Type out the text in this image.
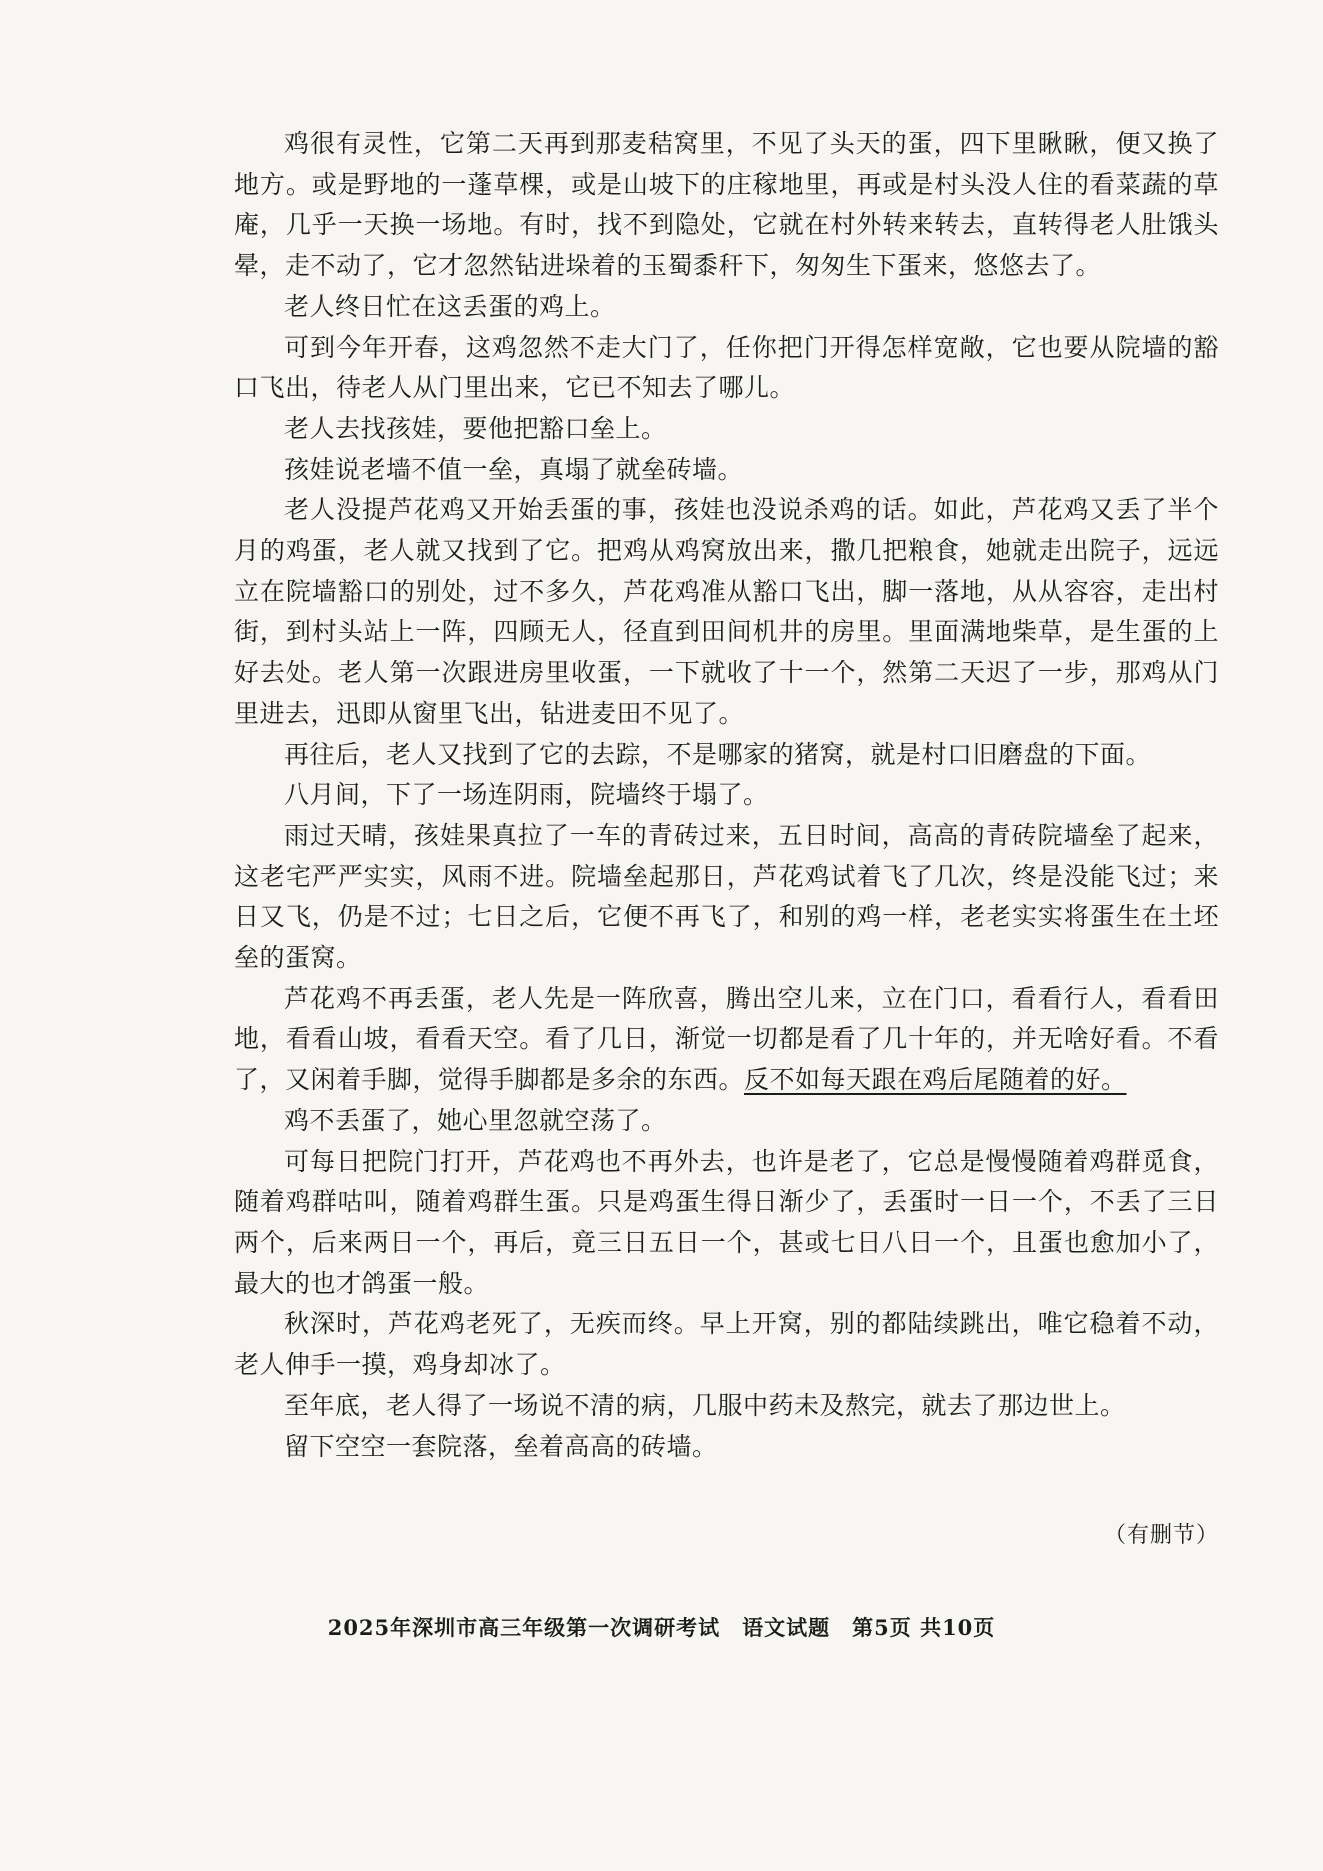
鸡很有灵性，它第二天再到那麦秸窝里，不见了头天的蛋，四下里瞅瞅，便又换了地方。或是野地的一蓬草棵，或是山坡下的庄稼地里，再或是村头没人住的看菜蔬的草庵，几乎一天换一场地。有时，找不到隐处，它就在村外转来转去，直转得老人肚饿头晕，走不动了，它才忽然钻进垛着的玉蜀黍秆下，匆匆生下蛋来，悠悠去了。

老人终日忙在这丢蛋的鸡上。

可到今年开春，这鸡忽然不走大门了，任你把门开得怎样宽敞，它也要从院墙的豁口飞出，待老人从门里出来，它已不知去了哪儿。

老人去找孩娃，要他把豁口垒上。

孩娃说老墙不值一垒，真塌了就垒砖墙。

老人没提芦花鸡又开始丢蛋的事，孩娃也没说杀鸡的话。如此，芦花鸡又丢了半个月的鸡蛋，老人就又找到了它。把鸡从鸡窝放出来，撒几把粮食，她就走出院子，远远立在院墙豁口的别处，过不多久，芦花鸡准从豁口飞出，脚一落地，从从容容，走出村街，到村头站上一阵，四顾无人，径直到田间机井的房里。里面满地柴草，是生蛋的上好去处。老人第一次跟进房里收蛋，一下就收了十一个，然第二天迟了一步，那鸡从门里进去，迅即从窗里飞出，钻进麦田不见了。

再往后，老人又找到了它的去踪，不是哪家的猪窝，就是村口旧磨盘的下面。

八月间，下了一场连阴雨，院墙终于塌了。

雨过天晴，孩娃果真拉了一车的青砖过来，五日时间，高高的青砖院墙垒了起来，这老宅严严实实，风雨不进。院墙垒起那日，芦花鸡试着飞了几次，终是没能飞过；来日又飞，仍是不过；七日之后，它便不再飞了，和别的鸡一样，老老实实将蛋生在土坯垒的蛋窝。

芦花鸡不再丢蛋，老人先是一阵欣喜，腾出空儿来，立在门口，看看行人，看看田地，看看山坡，看看天空。看了几日，渐觉一切都是看了几十年的，并无啥好看。不看了，又闲着手脚，觉得手脚都是多余的东西。反不如每天跟在鸡后尾随着的好。

鸡不丢蛋了，她心里忽就空荡了。

可每日把院门打开，芦花鸡也不再外去，也许是老了，它总是慢慢随着鸡群觅食，随着鸡群咕叫，随着鸡群生蛋。只是鸡蛋生得日渐少了，丢蛋时一日一个，不丢了三日两个，后来两日一个，再后，竟三日五日一个，甚或七日八日一个，且蛋也愈加小了，最大的也才鸽蛋一般。

秋深时，芦花鸡老死了，无疾而终。早上开窝，别的都陆续跳出，唯它稳着不动，老人伸手一摸，鸡身却冰了。

至年底，老人得了一场说不清的病，几服中药未及熬完，就去了那边世上。

留下空空一套院落，垒着高高的砖墙。

（有删节）
2025年深圳市高三年级第一次调研考试　语文试题　第5页 共10页
